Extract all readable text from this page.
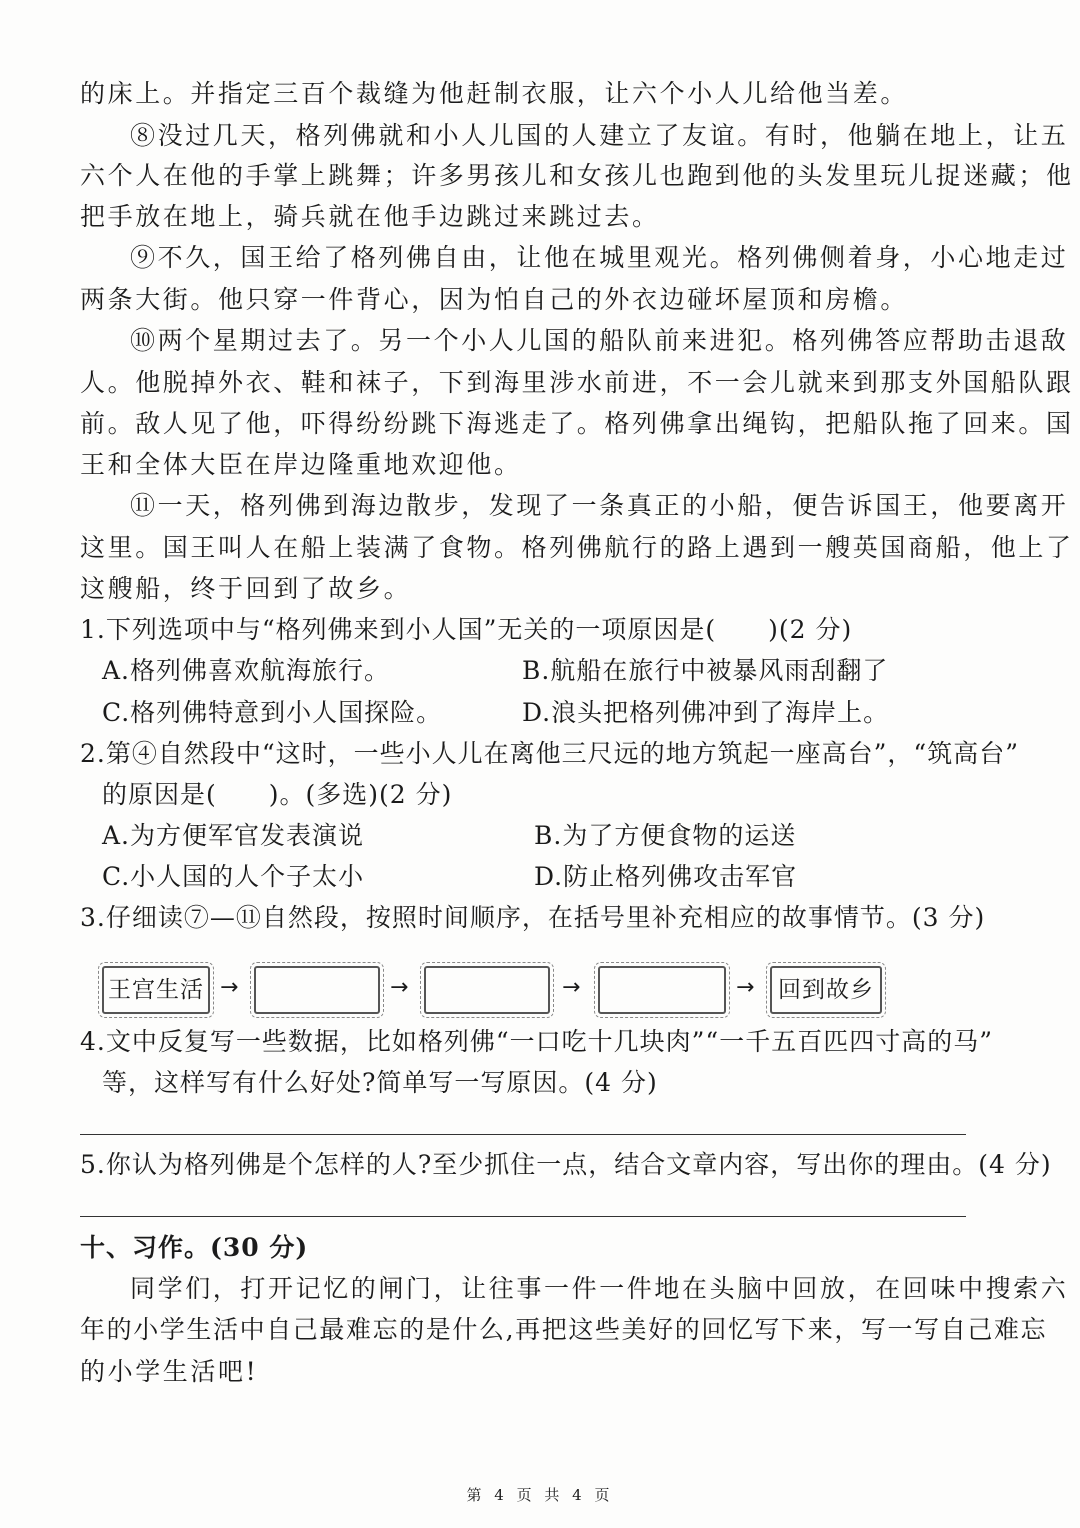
的床上。并指定三百个裁缝为他赶制衣服，让六个小人儿给他当差。
⑧没过几天，格列佛就和小人儿国的人建立了友谊。有时，他躺在地上，让五
六个人在他的手掌上跳舞；许多男孩儿和女孩儿也跑到他的头发里玩儿捉迷藏；他
把手放在地上，骑兵就在他手边跳过来跳过去。
⑨不久，国王给了格列佛自由，让他在城里观光。格列佛侧着身，小心地走过
两条大街。他只穿一件背心，因为怕自己的外衣边碰坏屋顶和房檐。
⑩两个星期过去了。另一个小人儿国的船队前来进犯。格列佛答应帮助击退敌
人。他脱掉外衣、鞋和袜子，下到海里涉水前进，不一会儿就来到那支外国船队跟
前。敌人见了他，吓得纷纷跳下海逃走了。格列佛拿出绳钩，把船队拖了回来。国
王和全体大臣在岸边隆重地欢迎他。
⑪一天，格列佛到海边散步，发现了一条真正的小船，便告诉国王，他要离开
这里。国王叫人在船上装满了食物。格列佛航行的路上遇到一艘英国商船，他上了
这艘船，终于回到了故乡。
1.下列选项中与“格列佛来到小人国”无关的一项原因是(　　)(2 分)
A.格列佛喜欢航海旅行。	B.航船在旅行中被暴风雨刮翻了
C.格列佛特意到小人国探险。	D.浪头把格列佛冲到了海岸上。
2.第④自然段中“这时，一些小人儿在离他三尺远的地方筑起一座高台”，“筑高台”
的原因是(　　)。(多选)(2 分)
A.为方便军官发表演说	B.为了方便食物的运送
C.小人国的人个子太小	D.防止格列佛攻击军官
3.仔细读⑦—⑪自然段，按照时间顺序，在括号里补充相应的故事情节。(3 分)
王宫生活 →	→	→	→	回到故乡
4.文中反复写一些数据，比如格列佛“一口吃十几块肉”“一千五百匹四寸高的马”
等，这样写有什么好处?简单写一写原因。(4 分)
5.你认为格列佛是个怎样的人?至少抓住一点，结合文章内容，写出你的理由。(4 分)
十、习作。(30 分)
同学们，打开记忆的闸门，让往事一件一件地在头脑中回放，在回味中搜索六
年的小学生活中自己最难忘的是什么,再把这些美好的回忆写下来，写一写自己难忘
的小学生活吧!
第 4 页 共 4 页
